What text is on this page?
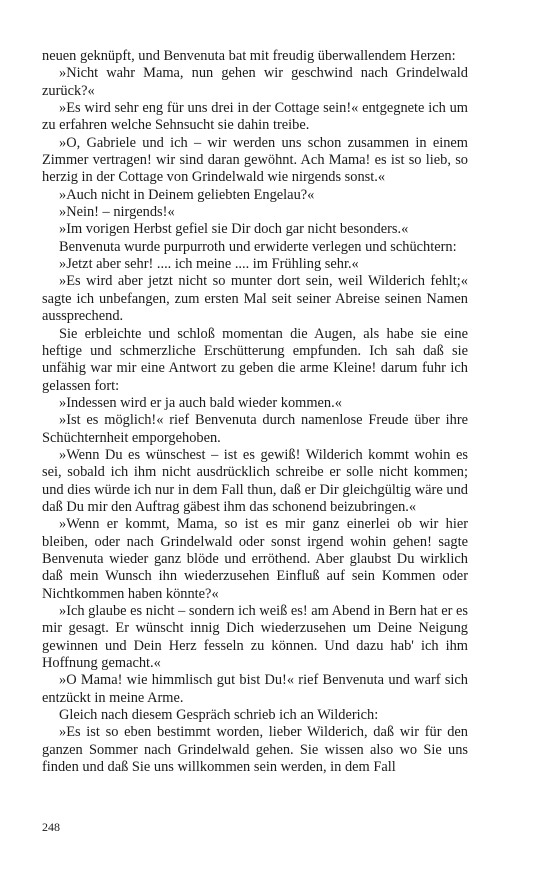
neuen geknüpft, und Benvenuta bat mit freudig überwallendem Herzen:

»Nicht wahr Mama, nun gehen wir geschwind nach Grindelwald zurück?«

»Es wird sehr eng für uns drei in der Cottage sein!« entgegnete ich um zu erfahren welche Sehnsucht sie dahin treibe.

»O, Gabriele und ich – wir werden uns schon zusammen in einem Zimmer vertragen! wir sind daran gewöhnt. Ach Mama! es ist so lieb, so herzig in der Cottage von Grindelwald wie nirgends sonst.«

»Auch nicht in Deinem geliebten Engelau?«

»Nein! – nirgends!«

»Im vorigen Herbst gefiel sie Dir doch gar nicht besonders.«

Benvenuta wurde purpurroth und erwiderte verlegen und schüchtern:

»Jetzt aber sehr! .... ich meine .... im Frühling sehr.«

»Es wird aber jetzt nicht so munter dort sein, weil Wilderich fehlt;« sagte ich unbefangen, zum ersten Mal seit seiner Abreise seinen Namen aussprechend.

Sie erbleichte und schloß momentan die Augen, als habe sie eine heftige und schmerzliche Erschütterung empfunden. Ich sah daß sie unfähig war mir eine Antwort zu geben die arme Kleine! darum fuhr ich gelassen fort:

»Indessen wird er ja auch bald wieder kommen.«

»Ist es möglich!« rief Benvenuta durch namenlose Freude über ihre Schüchternheit emporgehoben.

»Wenn Du es wünschest – ist es gewiß! Wilderich kommt wohin es sei, sobald ich ihm nicht ausdrücklich schreibe er solle nicht kommen; und dies würde ich nur in dem Fall thun, daß er Dir gleichgültig wäre und daß Du mir den Auftrag gäbest ihm das schonend beizubringen.«

»Wenn er kommt, Mama, so ist es mir ganz einerlei ob wir hier bleiben, oder nach Grindelwald oder sonst irgend wohin gehen! sagte Benvenuta wieder ganz blöde und erröthend. Aber glaubst Du wirklich daß mein Wunsch ihn wiederzusehen Einfluß auf sein Kommen oder Nichtkommen haben könnte?«

»Ich glaube es nicht – sondern ich weiß es! am Abend in Bern hat er es mir gesagt. Er wünscht innig Dich wiederzusehen um Deine Neigung gewinnen und Dein Herz fesseln zu können. Und dazu hab' ich ihm Hoffnung gemacht.«

»O Mama! wie himmlisch gut bist Du!« rief Benvenuta und warf sich entzückt in meine Arme.

Gleich nach diesem Gespräch schrieb ich an Wilderich:

»Es ist so eben bestimmt worden, lieber Wilderich, daß wir für den ganzen Sommer nach Grindelwald gehen. Sie wissen also wo Sie uns finden und daß Sie uns willkommen sein werden, in dem Fall

248
